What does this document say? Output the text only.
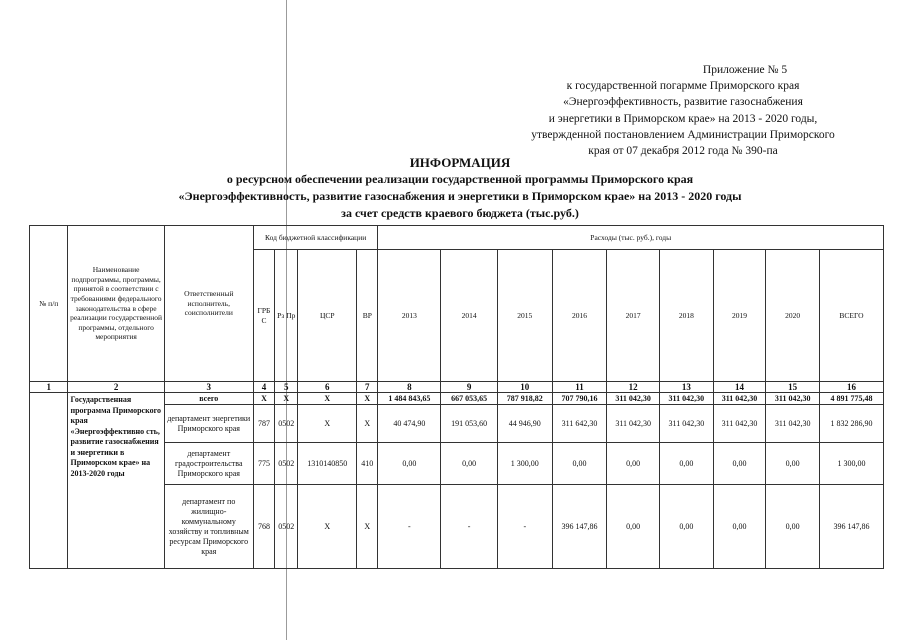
Приложение № 5
к государственной погармме Приморского края
«Энергоэффективность, развитие газоснабжения
и энергетики в Приморском крае» на 2013 - 2020 годы,
утвержденной постановлением Администрации Приморского
края от 07 декабря 2012 года № 390-па
ИНФОРМАЦИЯ
о ресурсном обеспечении реализации государственной программы Приморского края
«Энергоэффективность, развитие газоснабжения и энергетики в Приморском крае» на 2013 - 2020 годы
за счет средств краевого бюджета (тыс.руб.)
№ п/п	Наименование подпрограммы, программы, принятой в соответствии с требованиями федерального законодательства в сфере реализации государственной программы, отдельного мероприятия	Ответственный исполнитель, соисполнители	Код бюджетной классификации				Расходы (тыс. руб.), годы								
			ГРБ С	Рз Пр	ЦСР	ВР	2013	2014	2015	2016	2017	2018	2019	2020	ВСЕГО
1	2	3	4	5	6	7	8	9	10	11	12	13	14	15	16
	Государственная программа Приморского края «Энергоэффективно сть, развитие газоснабжения и энергетики в Приморском крае» на 2013-2020 годы	всего	X	X	X	X	1 484 843,65	667 053,65	787 918,82	707 790,16	311 042,30	311 042,30	311 042,30	311 042,30	4 891 775,48
		департамент энергетики Приморского края	787	0502	X	X	40 474,90	191 053,60	44 946,90	311 642,30	311 042,30	311 042,30	311 042,30	311 042,30	1 832 286,90
		департамент градостроительства Приморского края	775	0502	1310140850	410	0,00	0,00	1 300,00	0,00	0,00	0,00	0,00	0,00	1 300,00
		департамент по жилищно-коммунальному хозяйству и топливным ресурсам Приморского края	768	0502	X	X	-	-	-	396 147,86	0,00	0,00	0,00	0,00	396 147,86
